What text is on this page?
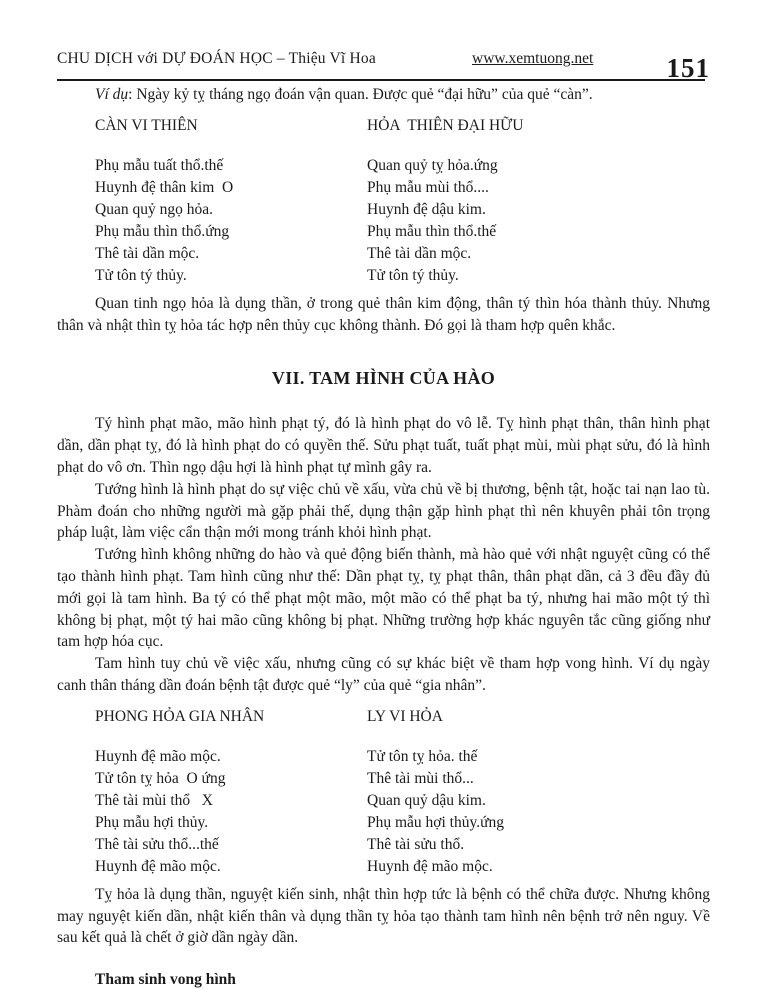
CHU DỊCH với DỰ ĐOÁN HỌC – Thiệu Vĩ Hoa	www.xemtuong.net	151

Ví dụ: Ngày kỷ tỵ tháng ngọ đoán vận quan. Được quẻ “đại hữu” của quẻ “càn”.

CÀN VI THIÊN
Phụ mẫu tuất thổ.thế
Huynh đệ thân kim  O
Quan quỷ ngọ hỏa.
Phụ mẫu thìn thổ.ứng
Thê tài dần mộc.
Tử tôn tý thủy.
HỎA  THIÊN ĐẠI HỮU
Quan quỷ tỵ hỏa.ứng
Phụ mẫu mùi thổ....
Huynh đệ dậu kim.
Phụ mẫu thìn thổ.thế
Thê tài dần mộc.
Tử tôn tý thủy.

Quan tinh ngọ hỏa là dụng thần, ở trong quẻ thân kim động, thân tý thìn hóa thành thủy. Nhưng thân và nhật thìn tỵ hỏa tác hợp nên thủy cục không thành. Đó gọi là tham hợp quên khắc.

VII. TAM HÌNH CỦA HÀO

Tý hình phạt mão, mão hình phạt tý, đó là hình phạt do vô lễ. Tỵ hình phạt thân, thân hình phạt dần, dần phạt tỵ, đó là hình phạt do có quyền thế. Sửu phạt tuất, tuất phạt mùi, mùi phạt sửu, đó là hình phạt do vô ơn. Thìn ngọ dậu hợi là hình phạt tự mình gây ra.

Tướng hình là hình phạt do sự việc chủ về xấu, vừa chủ về bị thương, bệnh tật, hoặc tai nạn lao tù. Phàm đoán cho những người mà gặp phải thế, dụng thận gặp hình phạt thì nên khuyên phải tôn trọng pháp luật, làm việc cẩn thận mới mong tránh khỏi hình phạt.

Tướng hình không những do hào và quẻ động biến thành, mà hào quẻ với nhật nguyệt cũng có thể tạo thành hình phạt. Tam hình cũng như thế: Dần phạt tỵ, tỵ phạt thân, thân phạt dần, cả 3 đều đầy đủ mới gọi là tam hình. Ba tý có thể phạt một mão, một mão có thể phạt ba tý, nhưng hai mão một tý thì không bị phạt, một tý hai mão cũng không bị phạt. Những trường hợp khác nguyên tắc cũng giống như tam hợp hóa cục.

Tam hình tuy chủ về việc xấu, nhưng cũng có sự khác biệt về tham hợp vong hình. Ví dụ ngày canh thân tháng dần đoán bệnh tật được quẻ “ly” của quẻ “gia nhân”.

PHONG HỎA GIA NHÂN
Huynh đệ mão mộc.
Tử tôn tỵ hỏa  O ứng
Thê tài mùi thổ   X
Phụ mẫu hợi thủy.
Thê tài sửu thổ...thế
Huynh đệ mão mộc.
LY VI HỎA
Tử tôn tỵ hỏa. thế
Thê tài mùi thổ...
Quan quỷ dậu kim.
Phụ mẫu hợi thủy.ứng
Thê tài sửu thổ.
Huynh đệ mão mộc.

Tỵ hỏa là dụng thần, nguyệt kiến sinh, nhật thìn hợp tức là bệnh có thể chữa được. Nhưng không may nguyệt kiến dần, nhật kiến thân và dụng thần tỵ hỏa tạo thành tam hình nên bệnh trở nên nguy. Về sau kết quả là chết ở giờ dần ngày dần.

Tham sinh vong hình
